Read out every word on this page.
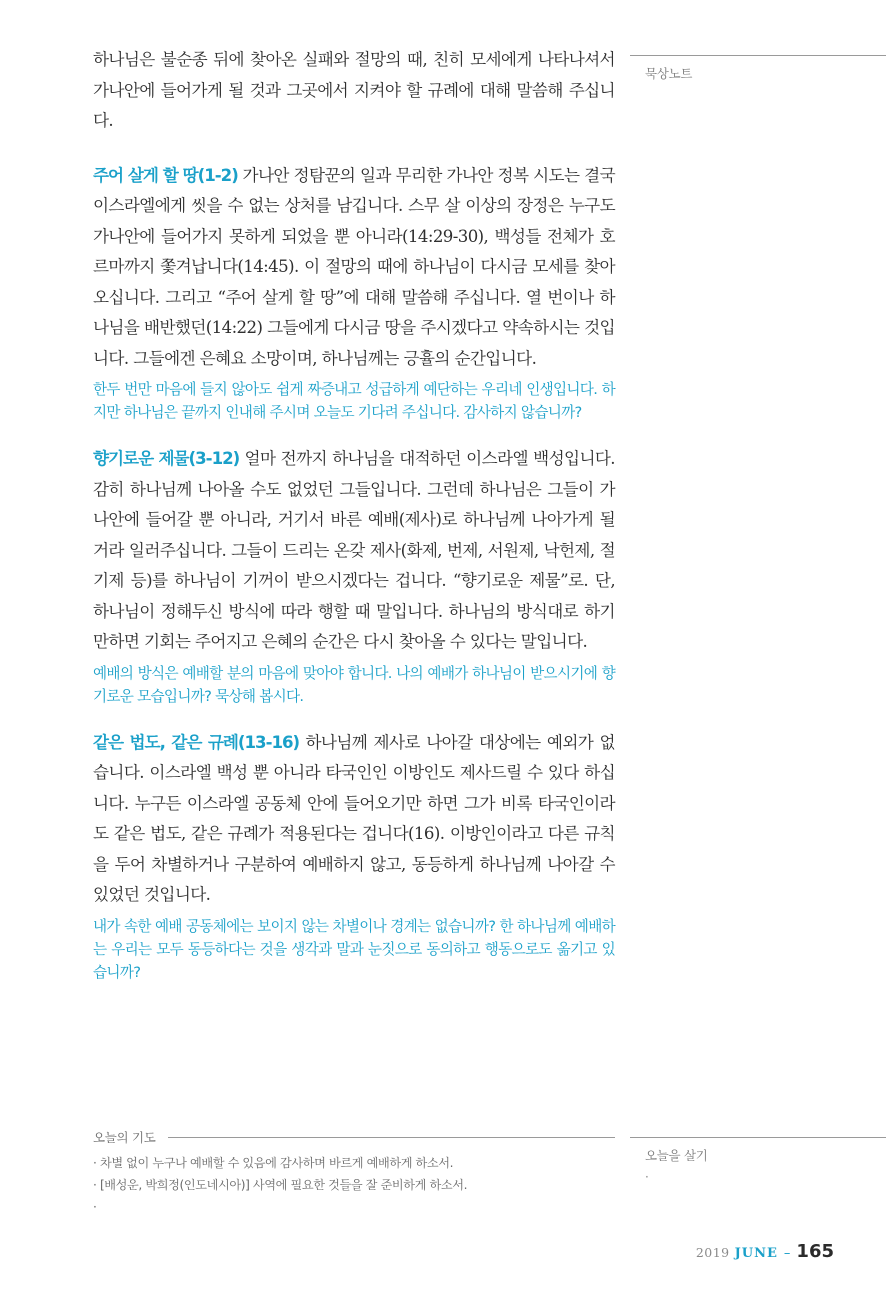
하나님은 불순종 뒤에 찾아온 실패와 절망의 때, 친히 모세에게 나타나셔서 가나안에 들어가게 될 것과 그곳에서 지켜야 할 규례에 대해 말씀해 주십니다.

주어 살게 할 땅(1-2) 가나안 정탐꾼의 일과 무리한 가나안 정복 시도는 결국 이스라엘에게 씻을 수 없는 상처를 남깁니다. 스무 살 이상의 장정은 누구도 가나안에 들어가지 못하게 되었을 뿐 아니라(14:29-30), 백성들 전체가 호르마까지 쫓겨납니다(14:45). 이 절망의 때에 하나님이 다시금 모세를 찾아오십니다. 그리고 “주어 살게 할 땅”에 대해 말씀해 주십니다. 열 번이나 하나님을 배반했던(14:22) 그들에게 다시금 땅을 주시겠다고 약속하시는 것입니다. 그들에겐 은혜요 소망이며, 하나님께는 긍휼의 순간입니다.

한두 번만 마음에 들지 않아도 쉽게 짜증내고 성급하게 예단하는 우리네 인생입니다. 하지만 하나님은 끝까지 인내해 주시며 오늘도 기다려 주십니다. 감사하지 않습니까?

향기로운 제물(3-12) 얼마 전까지 하나님을 대적하던 이스라엘 백성입니다. 감히 하나님께 나아올 수도 없었던 그들입니다. 그런데 하나님은 그들이 가나안에 들어갈 뿐 아니라, 거기서 바른 예배(제사)로 하나님께 나아가게 될 거라 일러주십니다. 그들이 드리는 온갖 제사(화제, 번제, 서원제, 낙헌제, 절기제 등)를 하나님이 기꺼이 받으시겠다는 겁니다. “향기로운 제물”로. 단, 하나님이 정해두신 방식에 따라 행할 때 말입니다. 하나님의 방식대로 하기만하면 기회는 주어지고 은혜의 순간은 다시 찾아올 수 있다는 말입니다.

예배의 방식은 예배할 분의 마음에 맞아야 합니다. 나의 예배가 하나님이 받으시기에 향기로운 모습입니까? 묵상해 봅시다.

같은 법도, 같은 규례(13-16) 하나님께 제사로 나아갈 대상에는 예외가 없습니다. 이스라엘 백성 뿐 아니라 타국인인 이방인도 제사드릴 수 있다 하십니다. 누구든 이스라엘 공동체 안에 들어오기만 하면 그가 비록 타국인이라도 같은 법도, 같은 규례가 적용된다는 겁니다(16). 이방인이라고 다른 규칙을 두어 차별하거나 구분하여 예배하지 않고, 동등하게 하나님께 나아갈 수 있었던 것입니다.

내가 속한 예배 공동체에는 보이지 않는 차별이나 경계는 없습니까? 한 하나님께 예배하는 우리는 모두 동등하다는 것을 생각과 말과 눈짓으로 동의하고 행동으로도 옮기고 있습니까?

묵상노트
오늘의 기도
· 차별 없이 누구나 예배할 수 있음에 감사하며 바르게 예배하게 하소서.
· [배성운, 박희정(인도네시아)] 사역에 필요한 것들을 잘 준비하게 하소서.
·
오늘을 살기
·
2019 JUNE – 165
